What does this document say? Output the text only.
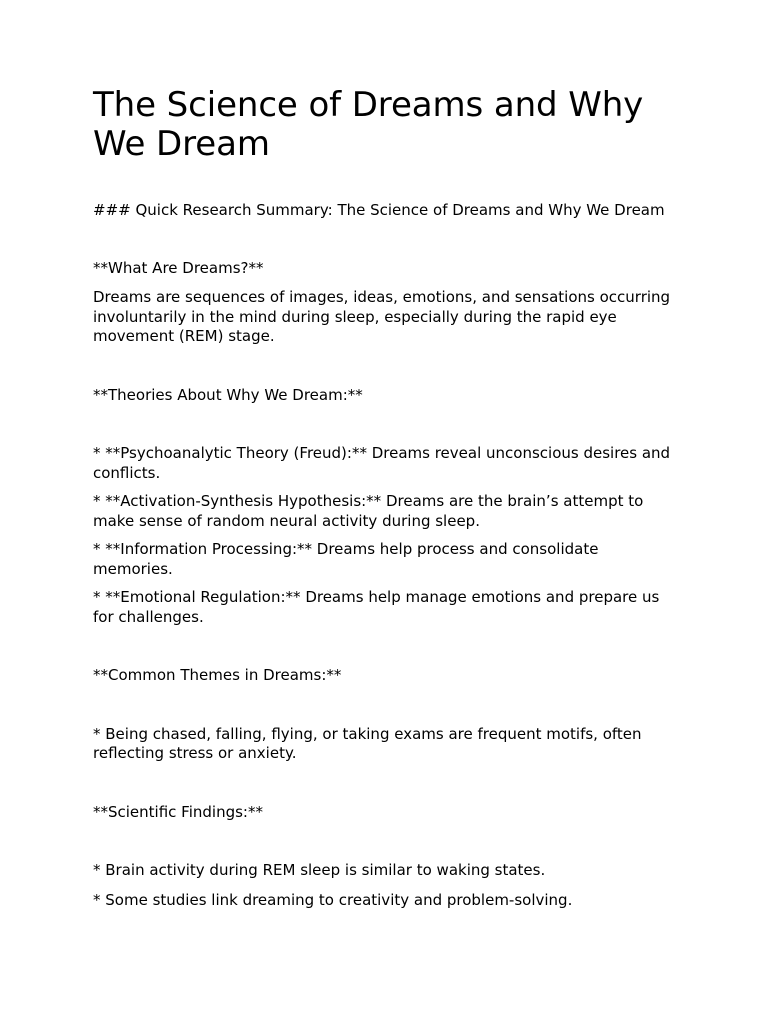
The Science of Dreams and Why We Dream

### Quick Research Summary: The Science of Dreams and Why We Dream

**What Are Dreams?**

Dreams are sequences of images, ideas, emotions, and sensations occurring involuntarily in the mind during sleep, especially during the rapid eye movement (REM) stage.

**Theories About Why We Dream:**

* **Psychoanalytic Theory (Freud):** Dreams reveal unconscious desires and conflicts.
* **Activation-Synthesis Hypothesis:** Dreams are the brain’s attempt to make sense of random neural activity during sleep.
* **Information Processing:** Dreams help process and consolidate memories.
* **Emotional Regulation:** Dreams help manage emotions and prepare us for challenges.

**Common Themes in Dreams:**

* Being chased, falling, flying, or taking exams are frequent motifs, often reflecting stress or anxiety.

**Scientific Findings:**

* Brain activity during REM sleep is similar to waking states.
* Some studies link dreaming to creativity and problem-solving.
